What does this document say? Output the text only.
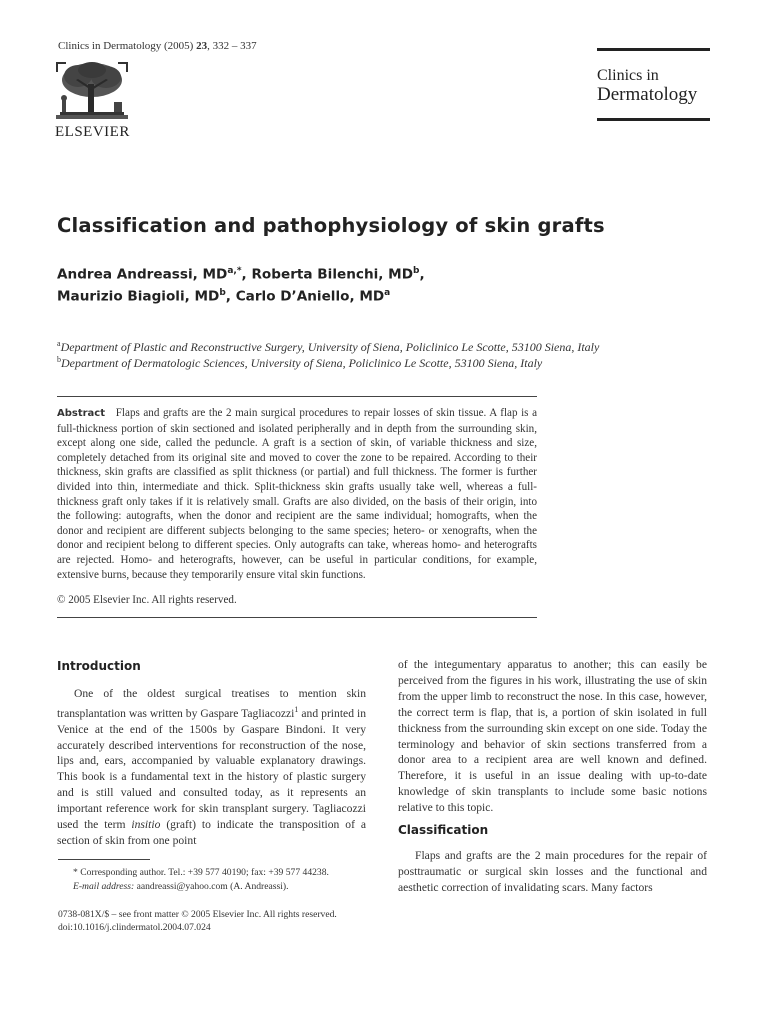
Clinics in Dermatology (2005) 23, 332 – 337
ELSEVIER
Clinics in
Dermatology
Classification and pathophysiology of skin grafts
Andrea Andreassi, $MD^{a,*}$, Roberta Bilenchi, $MD^b$,
Maurizio Biagioli, $MD^b$, Carlo D’Aniello, $MD^a$
$^a$Department of Plastic and Reconstructive Surgery, University of Siena, Policlinico Le Scotte, 53100 Siena, Italy
$^b$Department of Dermatologic Sciences, University of Siena, Policlinico Le Scotte, 53100 Siena, Italy
Abstract Flaps and grafts are the 2 main surgical procedures to repair losses of skin tissue. A flap is a full-thickness portion of skin sectioned and isolated peripherally and in depth from the surrounding skin, except along one side, called the peduncle. A graft is a section of skin, of variable thickness and size, completely detached from its original site and moved to cover the zone to be repaired. According to their thickness, skin grafts are classified as split thickness (or partial) and full thickness. The former is further divided into thin, intermediate and thick. Split-thickness skin grafts usually take well, whereas a full-thickness graft only takes if it is relatively small. Grafts are also divided, on the basis of their origin, into the following: autografts, when the donor and recipient are the same individual; homografts, when the donor and recipient are different subjects belonging to the same species; hetero- or xenografts, when the donor and recipient belong to different species. Only autografts can take, whereas homo- and heterografts are rejected. Homo- and heterografts, however, can be useful in particular conditions, for example, extensive burns, because they temporarily ensure vital skin functions.
© 2005 Elsevier Inc. All rights reserved.
Introduction

One of the oldest surgical treatises to mention skin transplantation was written by Gaspare Tagliacozzi$^1$ and printed in Venice at the end of the 1500s by Gaspare Bindoni. It very accurately described interventions for reconstruction of the nose, lips and, ears, accompanied by valuable explanatory drawings. This book is a fundamental text in the history of plastic surgery and is still valued and consulted today, as it represents an important reference work for skin transplant surgery. Tagliacozzi used the term insitio (graft) to indicate the transposition of a section of skin from one point

of the integumentary apparatus to another; this can easily be perceived from the figures in his work, illustrating the use of skin from the upper limb to reconstruct the nose. In this case, however, the correct term is flap, that is, a portion of skin isolated in full thickness from the surrounding skin except on one side. Today the terminology and behavior of skin sections transferred from a donor area to a recipient area are well known and defined. Therefore, it is useful in an issue dealing with up-to-date knowledge of skin transplants to include some basic notions relative to this topic.

Classification

Flaps and grafts are the 2 main procedures for the repair of posttraumatic or surgical skin losses and the functional and aesthetic correction of invalidating scars. Many factors

* Corresponding author. Tel.: +39 577 40190; fax: +39 577 44238.
E-mail address: aandreassi@yahoo.com (A. Andreassi).
0738-081X/$ – see front matter © 2005 Elsevier Inc. All rights reserved.
doi:10.1016/j.clindermatol.2004.07.024
